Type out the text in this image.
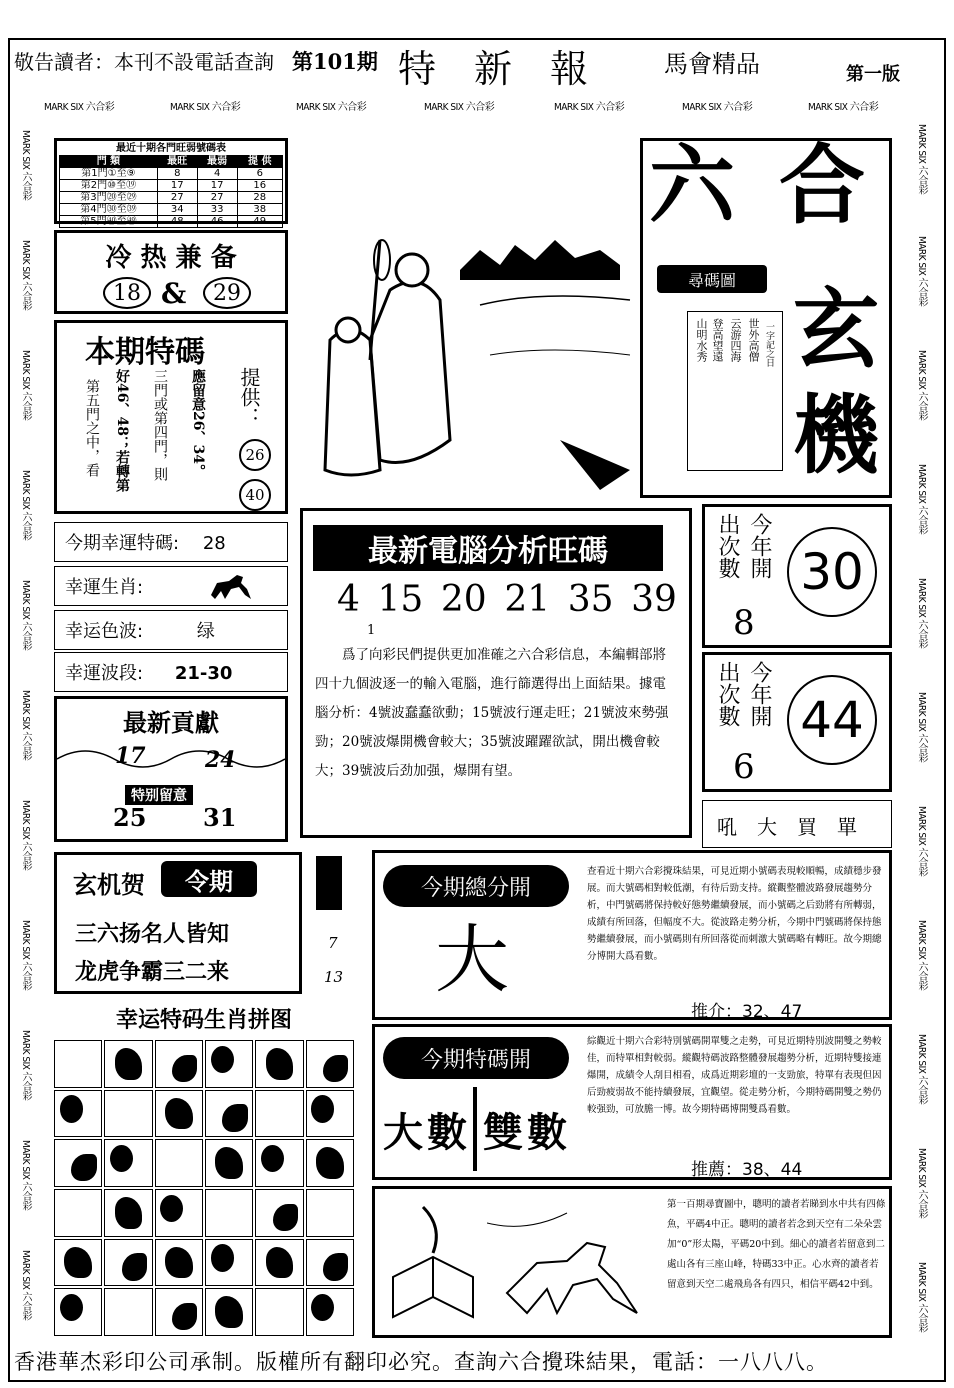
敬告讀者：本刊不設電話查詢 第101期 特　新　報	馬會精品	第一版
MARK SIX 六合彩	MARK SIX 六合彩	MARK SIX 六合彩	MARK SIX 六合彩	MARK SIX 六合彩	MARK SIX 六合彩	MARK SIX 六合彩
MARK SIX 六合彩
MARK SIX 六合彩
MARK SIX 六合彩
MARK SIX 六合彩
MARK SIX 六合彩
MARK SIX 六合彩
MARK SIX 六合彩
MARK SIX 六合彩
MARK SIX 六合彩
MARK SIX 六合彩
MARK SIX 六合彩
MARK SIX 六合彩
MARK SIX 六合彩
MARK SIX 六合彩
MARK SIX 六合彩
MARK SIX 六合彩
MARK SIX 六合彩
MARK SIX 六合彩
MARK SIX 六合彩
MARK SIX 六合彩
MARK SIX 六合彩
MARK SIX 六合彩
最近十期各門旺弱號碼表
門 類	最旺	最弱	提 供
第1門①至⑨	8	4	6
第2門⑩至⑲	17	17	16
第3門⑳至㉙	27	27	28
第4門㉚至㊴	34	33	38
第5門㊵至㊾	48	46	49
冷 热 兼 备
18 &	29
本期特碼
第五門之中，看 好46、48；若轉第 三門或第四門，則 應留意26、34。 提供：
26
40
今期幸運特碼: 28
幸運生肖:
幸运色波:	绿
幸運波段: 21-30
最新貢獻
17	24
特别留意
25 31
玄机贺	令期
三六扬名人皆知
龙虎争霸三二来
7
13
幸运特码生肖拼图
六 合
玄
機
尋碼圖
一字記之日
世外高僧
云游四海
登高望遠
山明水秀
最新電腦分析旺碼
4 15 20 21 35 39
1
爲了向彩民們提供更加准確之六合彩信息，本編輯部將四十九個波逐一的輸入電腦，進行篩選得出上面結果。據電腦分析：4號波蠢蠢欲動；15號波行運走旺；21號波來勢强勁；20號波爆開機會較大；35號波躍躍欲試，開出機會較大；39號波后劲加强，爆開有望。
出次數 今年開
8
30
出次數 今年開
6
44
吼　大　買　單
今期總分開
大
查看近十期六合彩攪珠結果，可見近期小號碼表現較順暢，成績穩步發展。而大號碼相對較低潮，有待后勁支持。縱觀整體波路發展趨勢分析，中門號碼將保持較好態勢繼續發展，而小號碼之后勁將有所轉弱，成績有所回落，但幅度不大。從波路走勢分析，今期中門號碼將保持態勢繼續發展，而小號碼則有所回落從而刺激大號碼略有轉旺。故今期總分博開大爲看數。
推介：32、47
今期特碼開
大數 雙數
綜觀近十期六合彩特別號碼開單雙之走勢，可見近期特別波開雙之勢較佳，而特單相對較弱。縱觀特碼波路整體發展趨勢分析，近期特雙接連爆開，成績令人刮目相看，成爲近期彩壇的一支勁旅，特單有表現但因后勁疲弱故不能持續發展，宜觀望。從走勢分析，今期特碼開雙之勢仍較强勁，可放膽一博。故今期特碼博開雙爲看數。
推薦：38、44
第一百期尋寶圖中，聰明的讀者若睇到水中共有四條魚，平碼4中正。聰明的讀者若念到天空有二朵朵雲加“0”形太陽，平碼20中到。細心的讀者若留意到二處山各有三座山峰，特碼33中正。心水齊的讀者若留意到天空二處飛鳥各有四只，相信平碼42中到。
香港華杰彩印公司承制。版權所有翻印必究。查詢六合攪珠結果，電話：一八八八。
